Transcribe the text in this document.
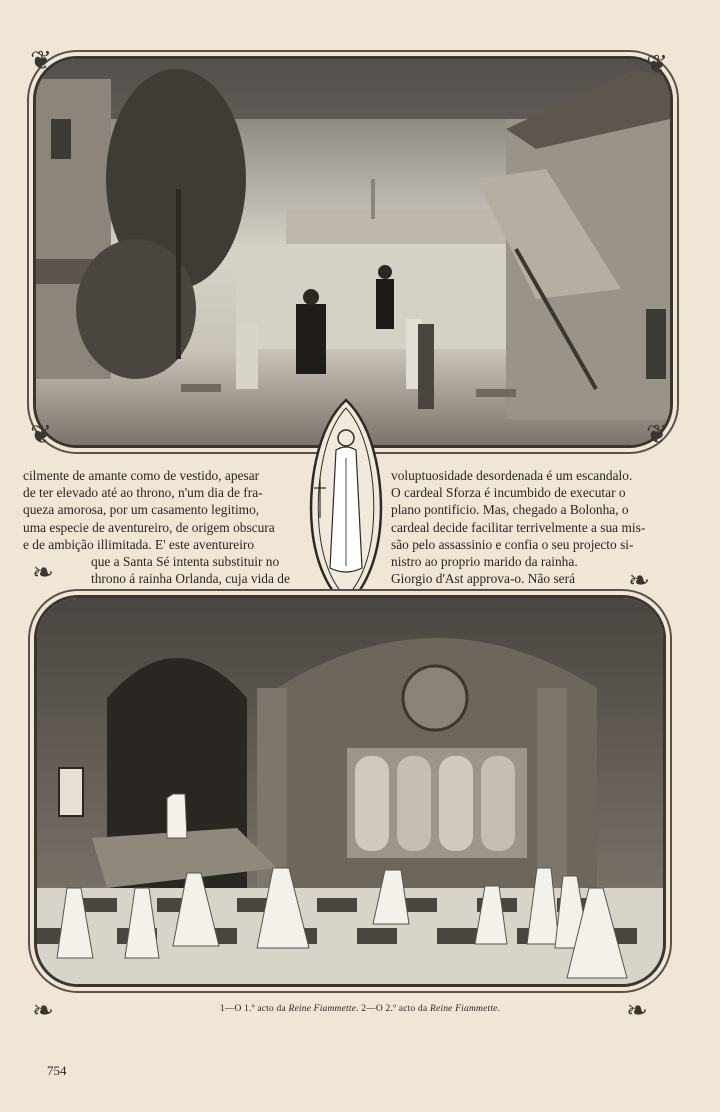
❦	❦
❦	❦
❧	❧
❧	❧
cilmente de amante como de vestido, apesar
de ter elevado até ao throno, n'um dia de fra-
queza amorosa, por um casamento legitimo,
uma especie de aventureiro, de origem obscura
e de ambição illimitada. E' este aventureiro
que a Santa Sé intenta substituir no
throno á rainha Orlanda, cuja vida de
voluptuosidade desordenada é um escandalo.
O cardeal Sforza é incumbido de executar o
plano pontificio. Mas, chegado a Bolonha, o
cardeal decide facilitar terrivelmente a sua mis-
são pelo assassinio e confia o seu projecto si-
nistro ao proprio marido da rainha.
Giorgio d'Ast approva-o. Não será
1—O 1.º acto da Reine Fiammette. 2—O 2.º acto da Reine Fiammette.
754
